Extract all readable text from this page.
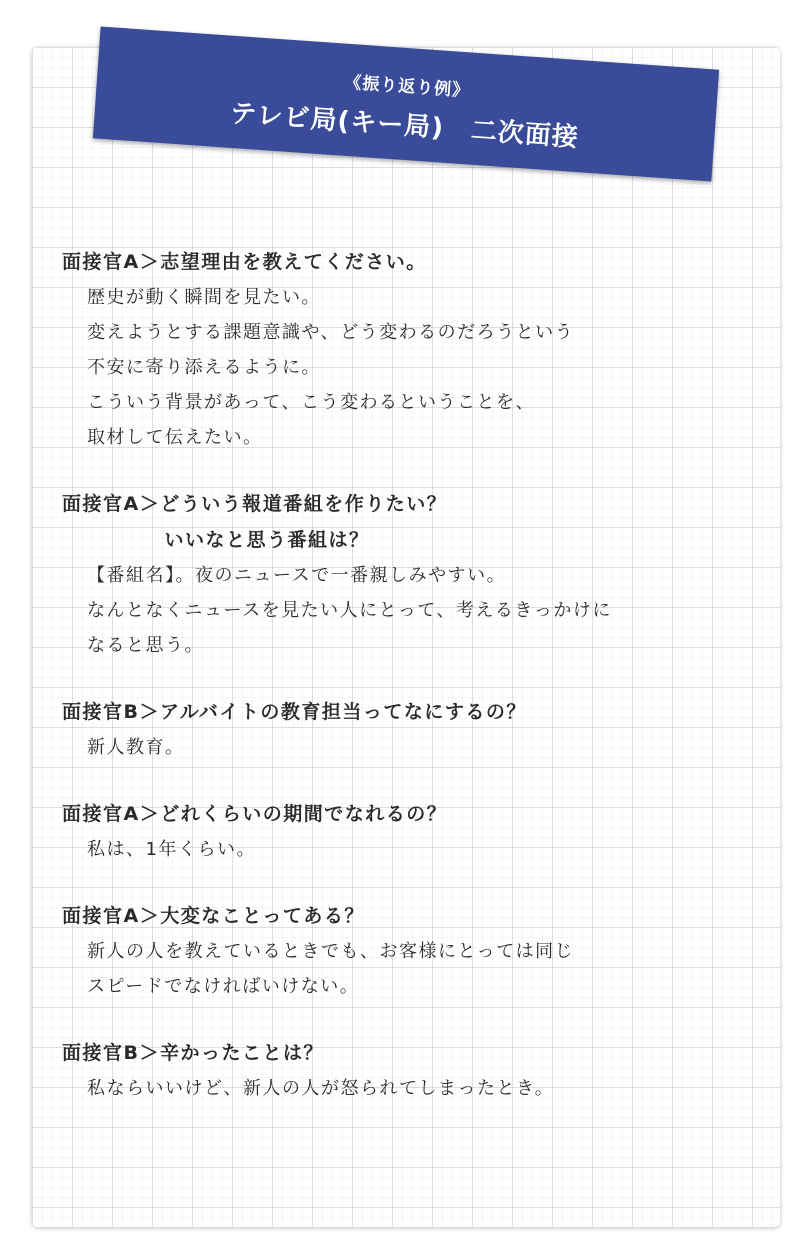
《振り返り例》
テレビ局(キー局)　二次面接
面接官A＞志望理由を教えてください。
歴史が動く瞬間を見たい。
変えようとする課題意識や、どう変わるのだろうという
不安に寄り添えるように。
こういう背景があって、こう変わるということを、
取材して伝えたい。
面接官A＞どういう報道番組を作りたい？
　　　　　いいなと思う番組は？
【番組名】。夜のニュースで一番親しみやすい。
なんとなくニュースを見たい人にとって、考えるきっかけに
なると思う。
面接官B＞アルバイトの教育担当ってなにするの？
新人教育。
面接官A＞どれくらいの期間でなれるの？
私は、1年くらい。
面接官A＞大変なことってある？
新人の人を教えているときでも、お客様にとっては同じ
スピードでなければいけない。
面接官B＞辛かったことは？
私ならいいけど、新人の人が怒られてしまったとき。
